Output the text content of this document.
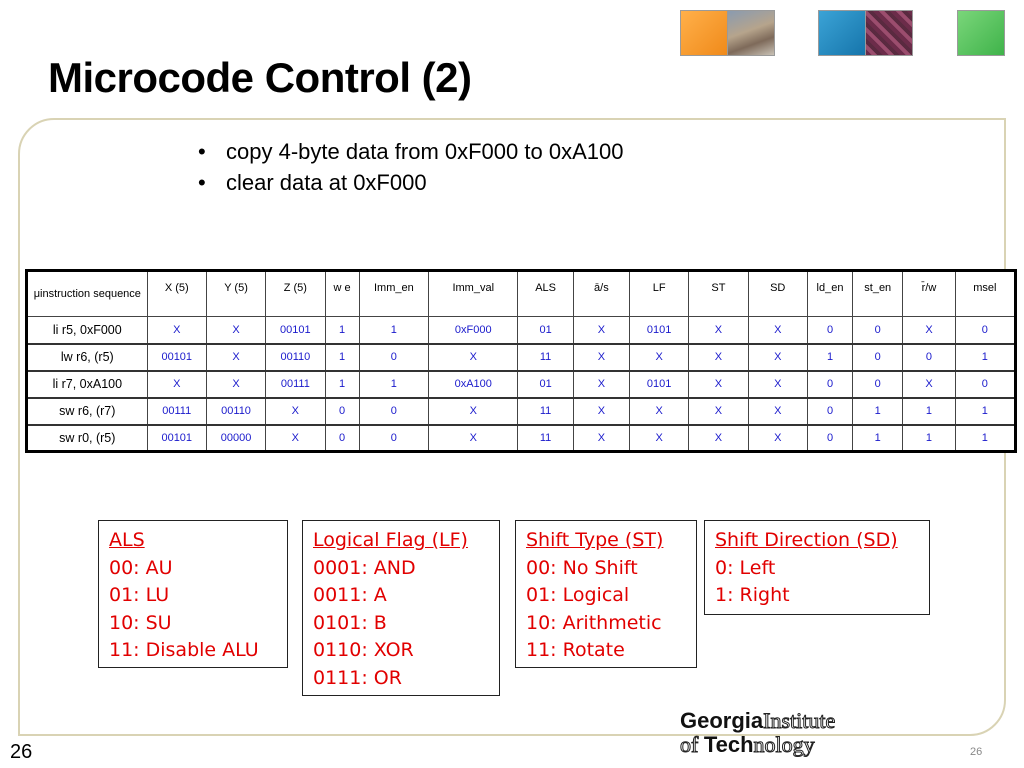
Microcode Control (2)
• copy 4-byte data from 0xF000 to 0xA100
• clear data at 0xF000
μinstruction sequence	X (5)	Y (5)	Z (5)	w e	Imm_en	Imm_val	ALS	ā/s	LF	ST	SD	ld_en	st_en	r̄/w	msel
li r5, 0xF000	X	X	00101	1	1	0xF000	01	X	0101	X	X	0	0	X	0
lw r6, (r5)	00101	X	00110	1	0	X	11	X	X	X	X	1	0	0	1
li r7, 0xA100	X	X	00111	1	1	0xA100	01	X	0101	X	X	0	0	X	0
sw r6, (r7)	00111	00110	X	0	0	X	11	X	X	X	X	0	1	1	1
sw r0, (r5)	00101	00000	X	0	0	X	11	X	X	X	X	0	1	1	1
ALS
00: AU
01: LU
10: SU
11: Disable ALU
Logical Flag (LF)
0001: AND
0011: A
0101: B
0110: XOR
0111: OR
Shift Type (ST)
00: No Shift
01: Logical
10: Arithmetic
11: Rotate
Shift Direction (SD)
0: Left
1: Right
GeorgiaInstitute
of Technology
26	26
